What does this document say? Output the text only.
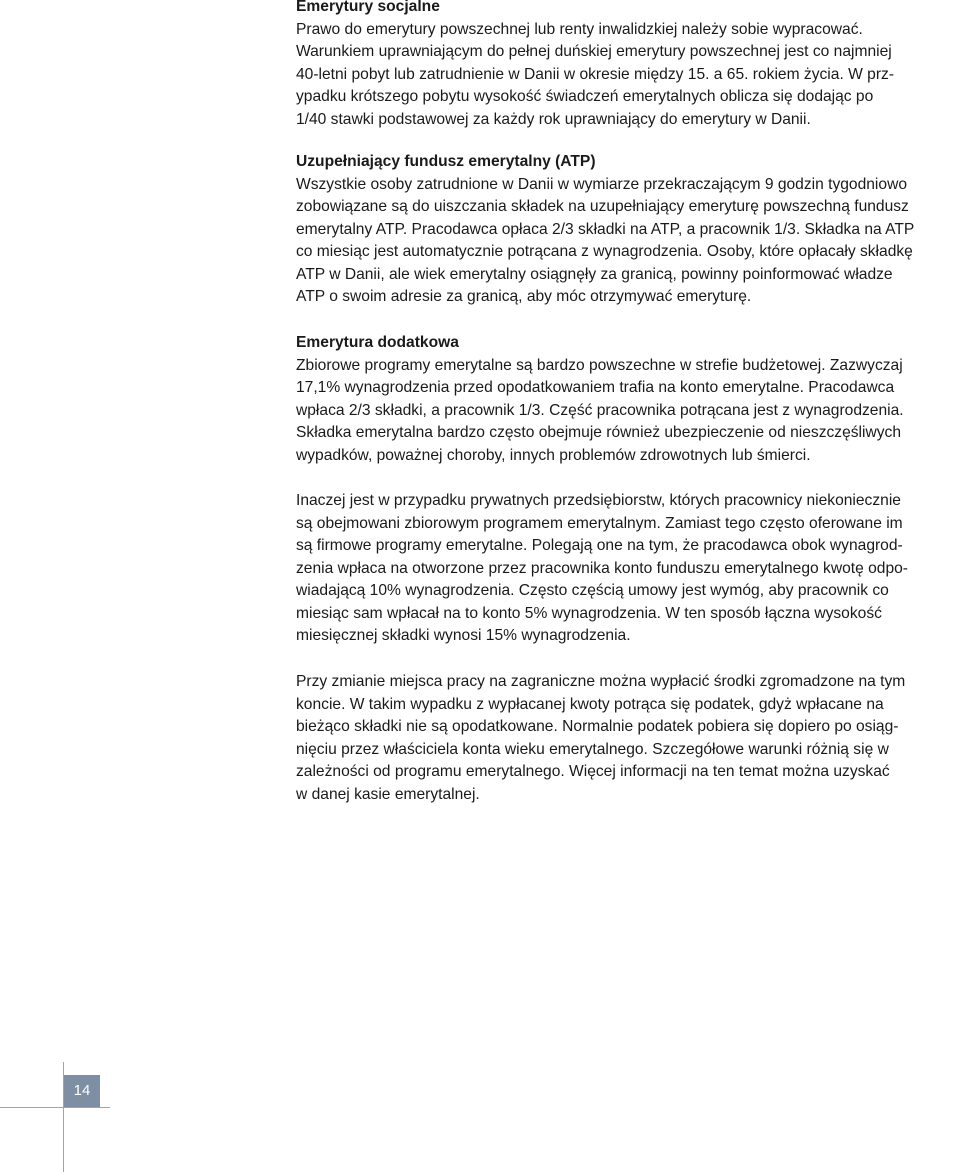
Emerytury socjalne
Prawo do emerytury powszechnej lub renty inwalidzkiej należy sobie wypracować.
Warunkiem uprawniającym do pełnej duńskiej emerytury powszechnej jest co najmniej
40-letni pobyt lub zatrudnienie w Danii w okresie między 15. a 65. rokiem życia. W prz-
ypadku krótszego pobytu wysokość świadczeń emerytalnych oblicza się dodając po
1/40 stawki podstawowej za każdy rok uprawniający do emerytury w Danii.
Uzupełniający fundusz emerytalny (ATP)
Wszystkie osoby zatrudnione w Danii w wymiarze przekraczającym 9 godzin tygodniowo
zobowiązane są do uiszczania składek na uzupełniający emeryturę powszechną fundusz
emerytalny ATP. Pracodawca opłaca 2/3 składki na ATP, a pracownik 1/3. Składka na ATP
co miesiąc jest automatycznie potrącana z wynagrodzenia. Osoby, które opłacały składkę
ATP w Danii, ale wiek emerytalny osiągnęły za granicą, powinny poinformować władze
ATP o swoim adresie za granicą, aby móc otrzymywać emeryturę.
Emerytura dodatkowa
Zbiorowe programy emerytalne są bardzo powszechne w strefie budżetowej. Zazwyczaj
17,1% wynagrodzenia przed opodatkowaniem trafia na konto emerytalne. Pracodawca
wpłaca 2/3 składki, a pracownik 1/3. Część pracownika potrącana jest z wynagrodzenia.
Składka emerytalna bardzo często obejmuje również ubezpieczenie od nieszczęśliwych
wypadków, poważnej choroby, innych problemów zdrowotnych lub śmierci.
Inaczej jest w przypadku prywatnych przedsiębiorstw, których pracownicy niekoniecznie
są obejmowani zbiorowym programem emerytalnym. Zamiast tego często oferowane im
są firmowe programy emerytalne. Polegają one na tym, że pracodawca obok wynagrod-
zenia wpłaca na otworzone przez pracownika konto funduszu emerytalnego kwotę odpo-
wiadającą 10% wynagrodzenia. Często częścią umowy jest wymóg, aby pracownik co
miesiąc sam wpłacał na to konto 5% wynagrodzenia. W ten sposób łączna wysokość
miesięcznej składki wynosi 15% wynagrodzenia.
Przy zmianie miejsca pracy na zagraniczne można wypłacić środki zgromadzone na tym
koncie. W takim wypadku z wypłacanej kwoty potrąca się podatek, gdyż wpłacane na
bieżąco składki nie są opodatkowane. Normalnie podatek pobiera się dopiero po osiąg-
nięciu przez właściciela konta wieku emerytalnego. Szczegółowe warunki różnią się w
zależności od programu emerytalnego. Więcej informacji na ten temat można uzyskać
w danej kasie emerytalnej.
14
